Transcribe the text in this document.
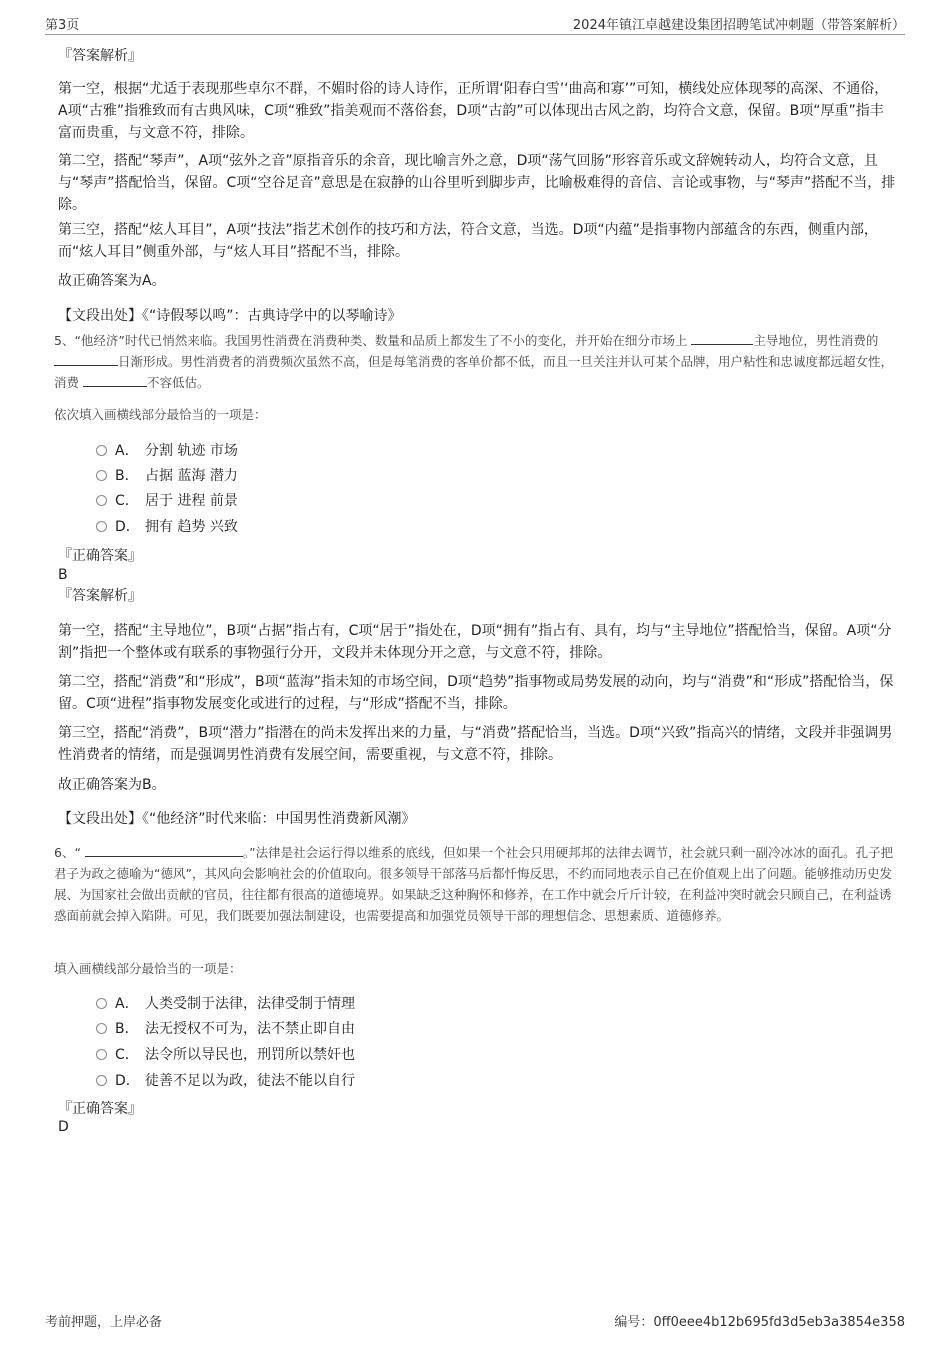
第3页	2024年镇江卓越建设集团招聘笔试冲刺题（带答案解析）

『答案解析』

第一空，根据“尤适于表现那些卓尔不群，不媚时俗的诗人诗作，正所谓‘阳春白雪’‘曲高和寡’”可知，横线处应体现琴的高深、不通俗，A项“古雅”指雅致而有古典风味，C项“雅致”指美观而不落俗套，D项“古韵”可以体现出古风之韵，均符合文意，保留。B项“厚重”指丰富而贵重，与文意不符，排除。

第二空，搭配“琴声”，A项“弦外之音”原指音乐的余音，现比喻言外之意，D项“荡气回肠”形容音乐或文辞婉转动人，均符合文意，且与“琴声”搭配恰当，保留。C项“空谷足音”意思是在寂静的山谷里听到脚步声，比喻极难得的音信、言论或事物，与“琴声”搭配不当，排除。

第三空，搭配“炫人耳目”，A项“技法”指艺术创作的技巧和方法，符合文意，当选。D项“内蕴”是指事物内部蕴含的东西，侧重内部，而“炫人耳目”侧重外部，与“炫人耳目”搭配不当，排除。

故正确答案为A。

【文段出处】《“诗假琴以鸣”：古典诗学中的以琴喻诗》

5、“他经济”时代已悄然来临。我国男性消费在消费种类、数量和品质上都发生了不小的变化，并开始在细分市场上	主导地位，男性消费的 日渐形成。男性消费者的消费频次虽然不高，但是每笔消费的客单价都不低，而且一旦关注并认可某个品牌，用户粘性和忠诚度都远超女性，消费	不容低估。

依次填入画横线部分最恰当的一项是：

A． 分割 轨迹 市场
B． 占据 蓝海 潜力
C． 居于 进程 前景
D． 拥有 趋势 兴致

『正确答案』

B

『答案解析』

第一空，搭配“主导地位”，B项“占据”指占有，C项“居于”指处在，D项“拥有”指占有、具有，均与“主导地位”搭配恰当，保留。A项“分割”指把一个整体或有联系的事物强行分开，文段并未体现分开之意，与文意不符，排除。

第二空，搭配“消费”和“形成”，B项“蓝海”指未知的市场空间，D项“趋势”指事物或局势发展的动向，均与“消费”和“形成”搭配恰当，保留。C项“进程”指事物发展变化或进行的过程，与“形成”搭配不当，排除。

第三空，搭配“消费”，B项“潜力”指潜在的尚未发挥出来的力量，与“消费”搭配恰当，当选。D项“兴致”指高兴的情绪，文段并非强调男性消费者的情绪，而是强调男性消费有发展空间，需要重视，与文意不符，排除。

故正确答案为B。

【文段出处】《“他经济”时代来临：中国男性消费新风潮》

6、“	。”法律是社会运行得以维系的底线，但如果一个社会只用硬邦邦的法律去调节，社会就只剩一副冷冰冰的面孔。孔子把君子为政之德喻为“德风”，其风向会影响社会的价值取向。很多领导干部落马后都忏悔反思，不约而同地表示自己在价值观上出了问题。能够推动历史发展、为国家社会做出贡献的官员，往往都有很高的道德境界。如果缺乏这种胸怀和修养，在工作中就会斤斤计较，在利益冲突时就会只顾自己，在利益诱惑面前就会掉入陷阱。可见，我们既要加强法制建设，也需要提高和加强党员领导干部的理想信念、思想素质、道德修养。

填入画横线部分最恰当的一项是：

A． 人类受制于法律，法律受制于情理
B． 法无授权不可为，法不禁止即自由
C． 法令所以导民也，刑罚所以禁奸也
D． 徒善不足以为政，徒法不能以自行

『正确答案』

D

考前押题，上岸必备	编号：0ff0eee4b12b695fd3d5eb3a3854e358
